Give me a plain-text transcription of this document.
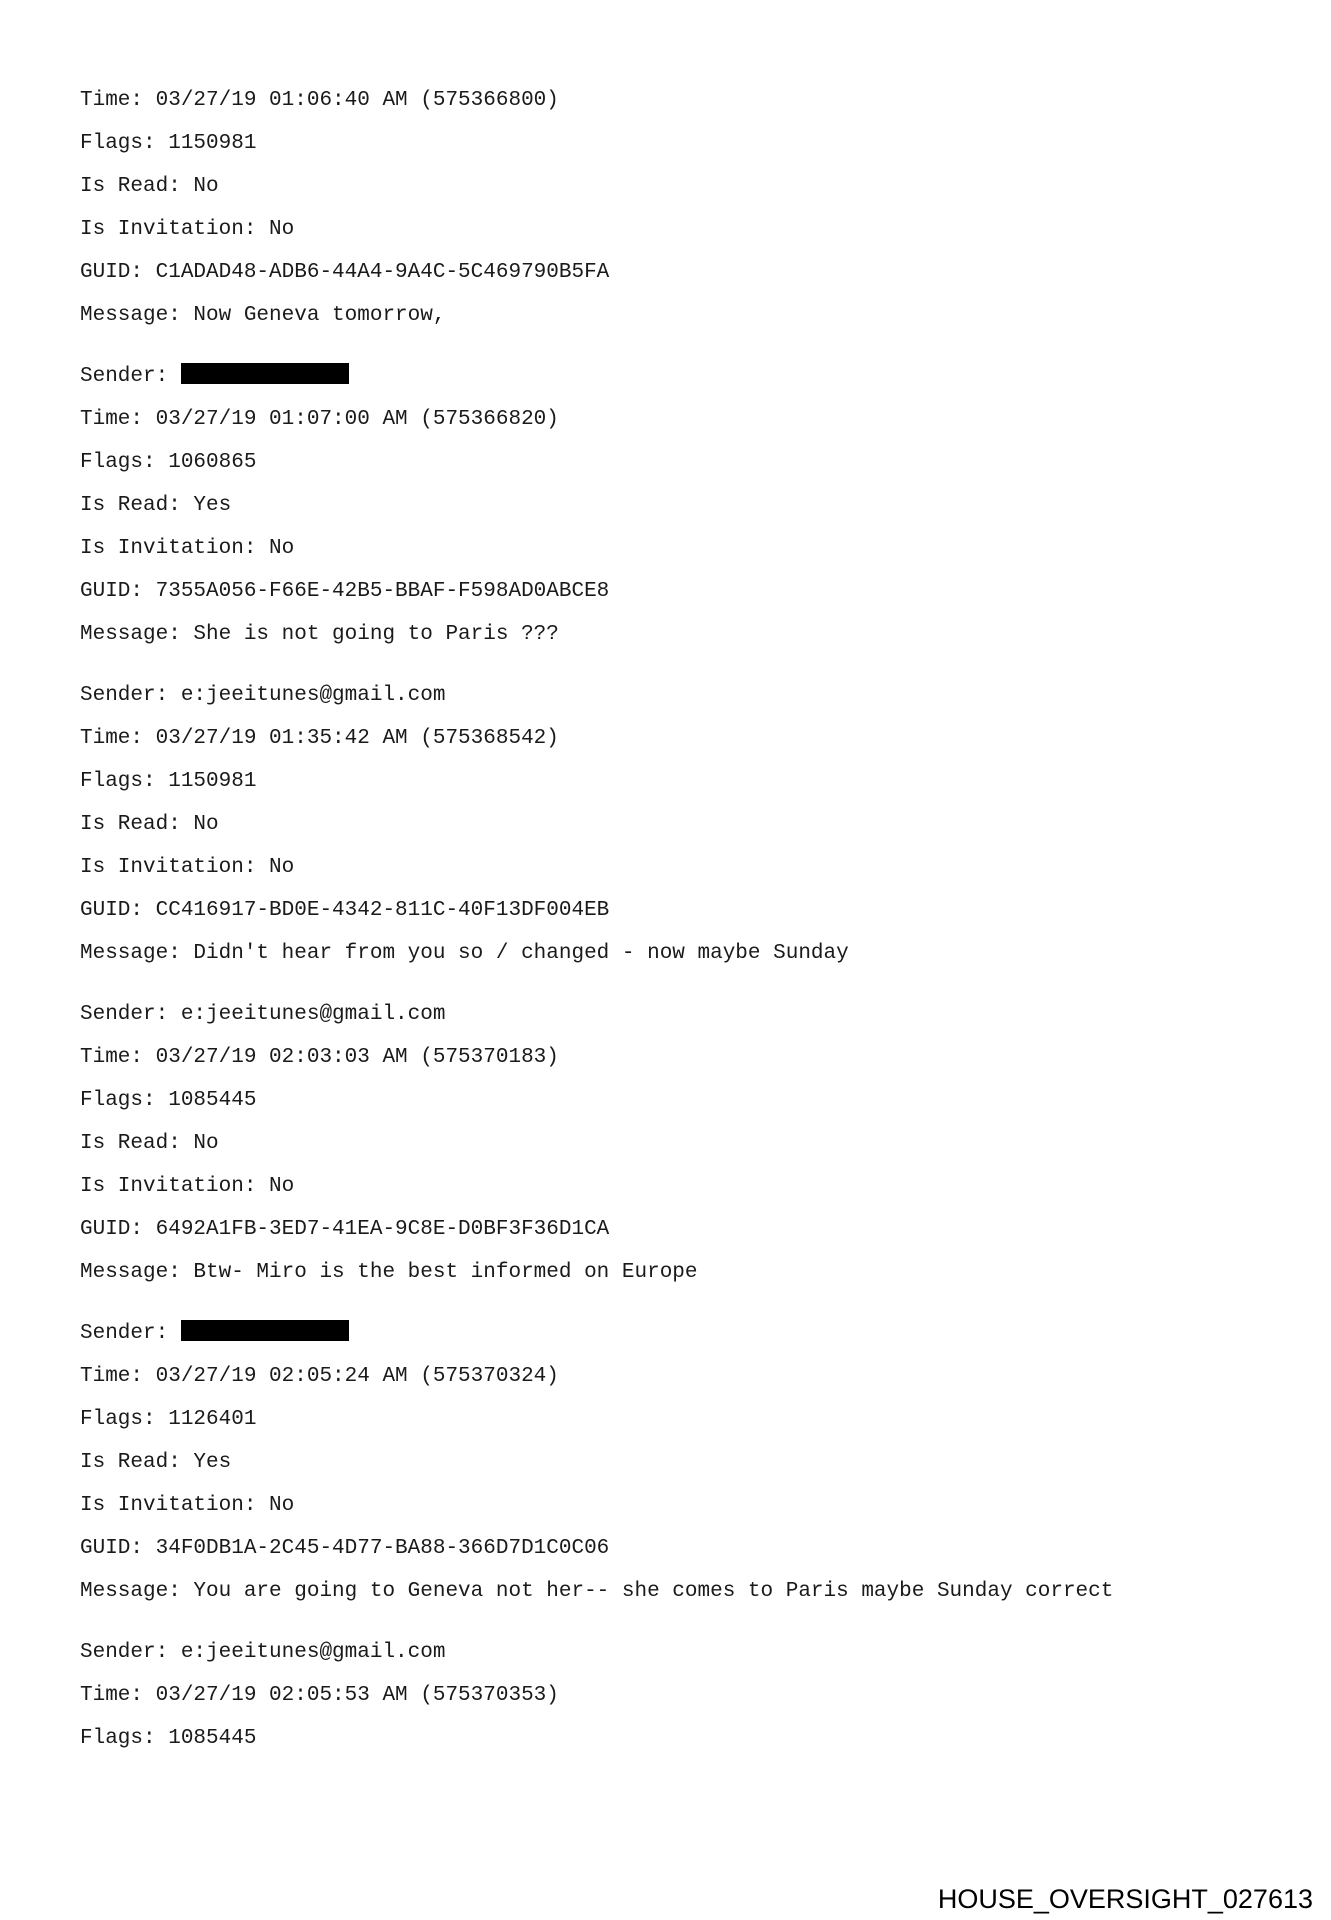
Time: 03/27/19 01:06:40 AM (575366800)
Flags: 1150981
Is Read: No
Is Invitation: No
GUID: C1ADAD48-ADB6-44A4-9A4C-5C469790B5FA
Message: Now Geneva tomorrow,
Sender:
Time: 03/27/19 01:07:00 AM (575366820)
Flags: 1060865
Is Read: Yes
Is Invitation: No
GUID: 7355A056-F66E-42B5-BBAF-F598AD0ABCE8
Message: She is not going to Paris ???
Sender: e:jeeitunes@gmail.com
Time: 03/27/19 01:35:42 AM (575368542)
Flags: 1150981
Is Read: No
Is Invitation: No
GUID: CC416917-BD0E-4342-811C-40F13DF004EB
Message: Didn't hear from you so / changed - now maybe Sunday
Sender: e:jeeitunes@gmail.com
Time: 03/27/19 02:03:03 AM (575370183)
Flags: 1085445
Is Read: No
Is Invitation: No
GUID: 6492A1FB-3ED7-41EA-9C8E-D0BF3F36D1CA
Message: Btw- Miro is the best informed on Europe
Sender:
Time: 03/27/19 02:05:24 AM (575370324)
Flags: 1126401
Is Read: Yes
Is Invitation: No
GUID: 34F0DB1A-2C45-4D77-BA88-366D7D1C0C06
Message: You are going to Geneva not her-- she comes to Paris maybe Sunday correct
Sender: e:jeeitunes@gmail.com
Time: 03/27/19 02:05:53 AM (575370353)
Flags: 1085445
HOUSE_OVERSIGHT_027613
